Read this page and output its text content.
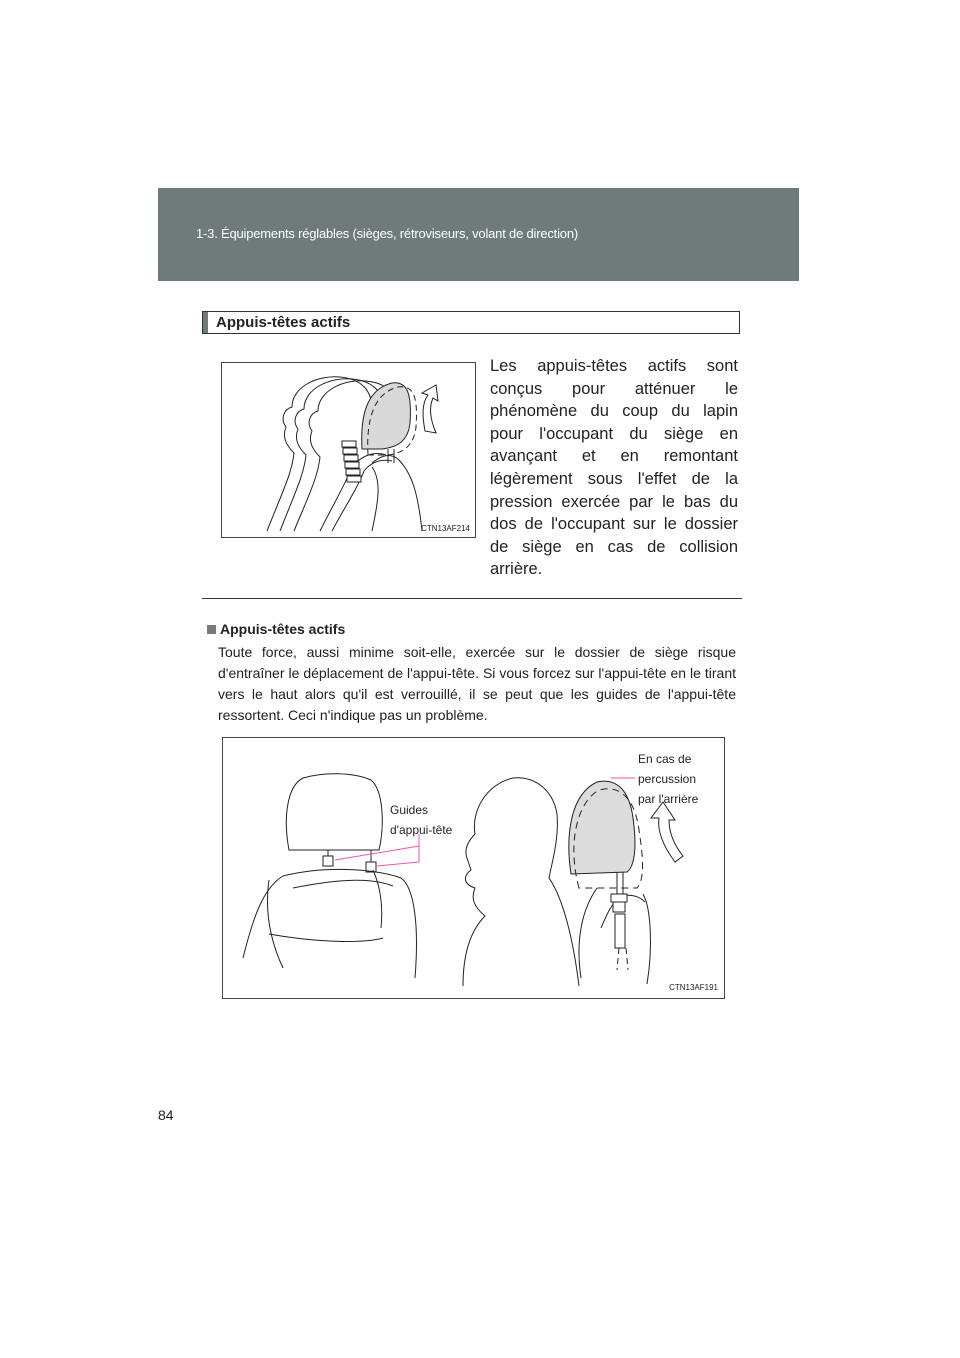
1-3. Équipements réglables (sièges, rétroviseurs, volant de direction)
Appuis-têtes actifs
CTN13AF214
Les appuis-têtes actifs sont conçus pour atténuer le phénomène du coup du lapin pour l'occupant du siège en avançant et en remontant légèrement sous l'effet de la pression exercée par le bas du dos de l'occupant sur le dossier de siège en cas de collision arrière.
Appuis-têtes actifs
Toute force, aussi minime soit-elle, exercée sur le dossier de siège risque d'entraîner le déplacement de l'appui-tête. Si vous forcez sur l'appui-tête en le tirant vers le haut alors qu'il est verrouillé, il se peut que les guides de l'appui-tête ressortent. Ceci n'indique pas un problème.
Guides
d'appui-tête
En cas de
percussion
par l'arrière
CTN13AF191
84
